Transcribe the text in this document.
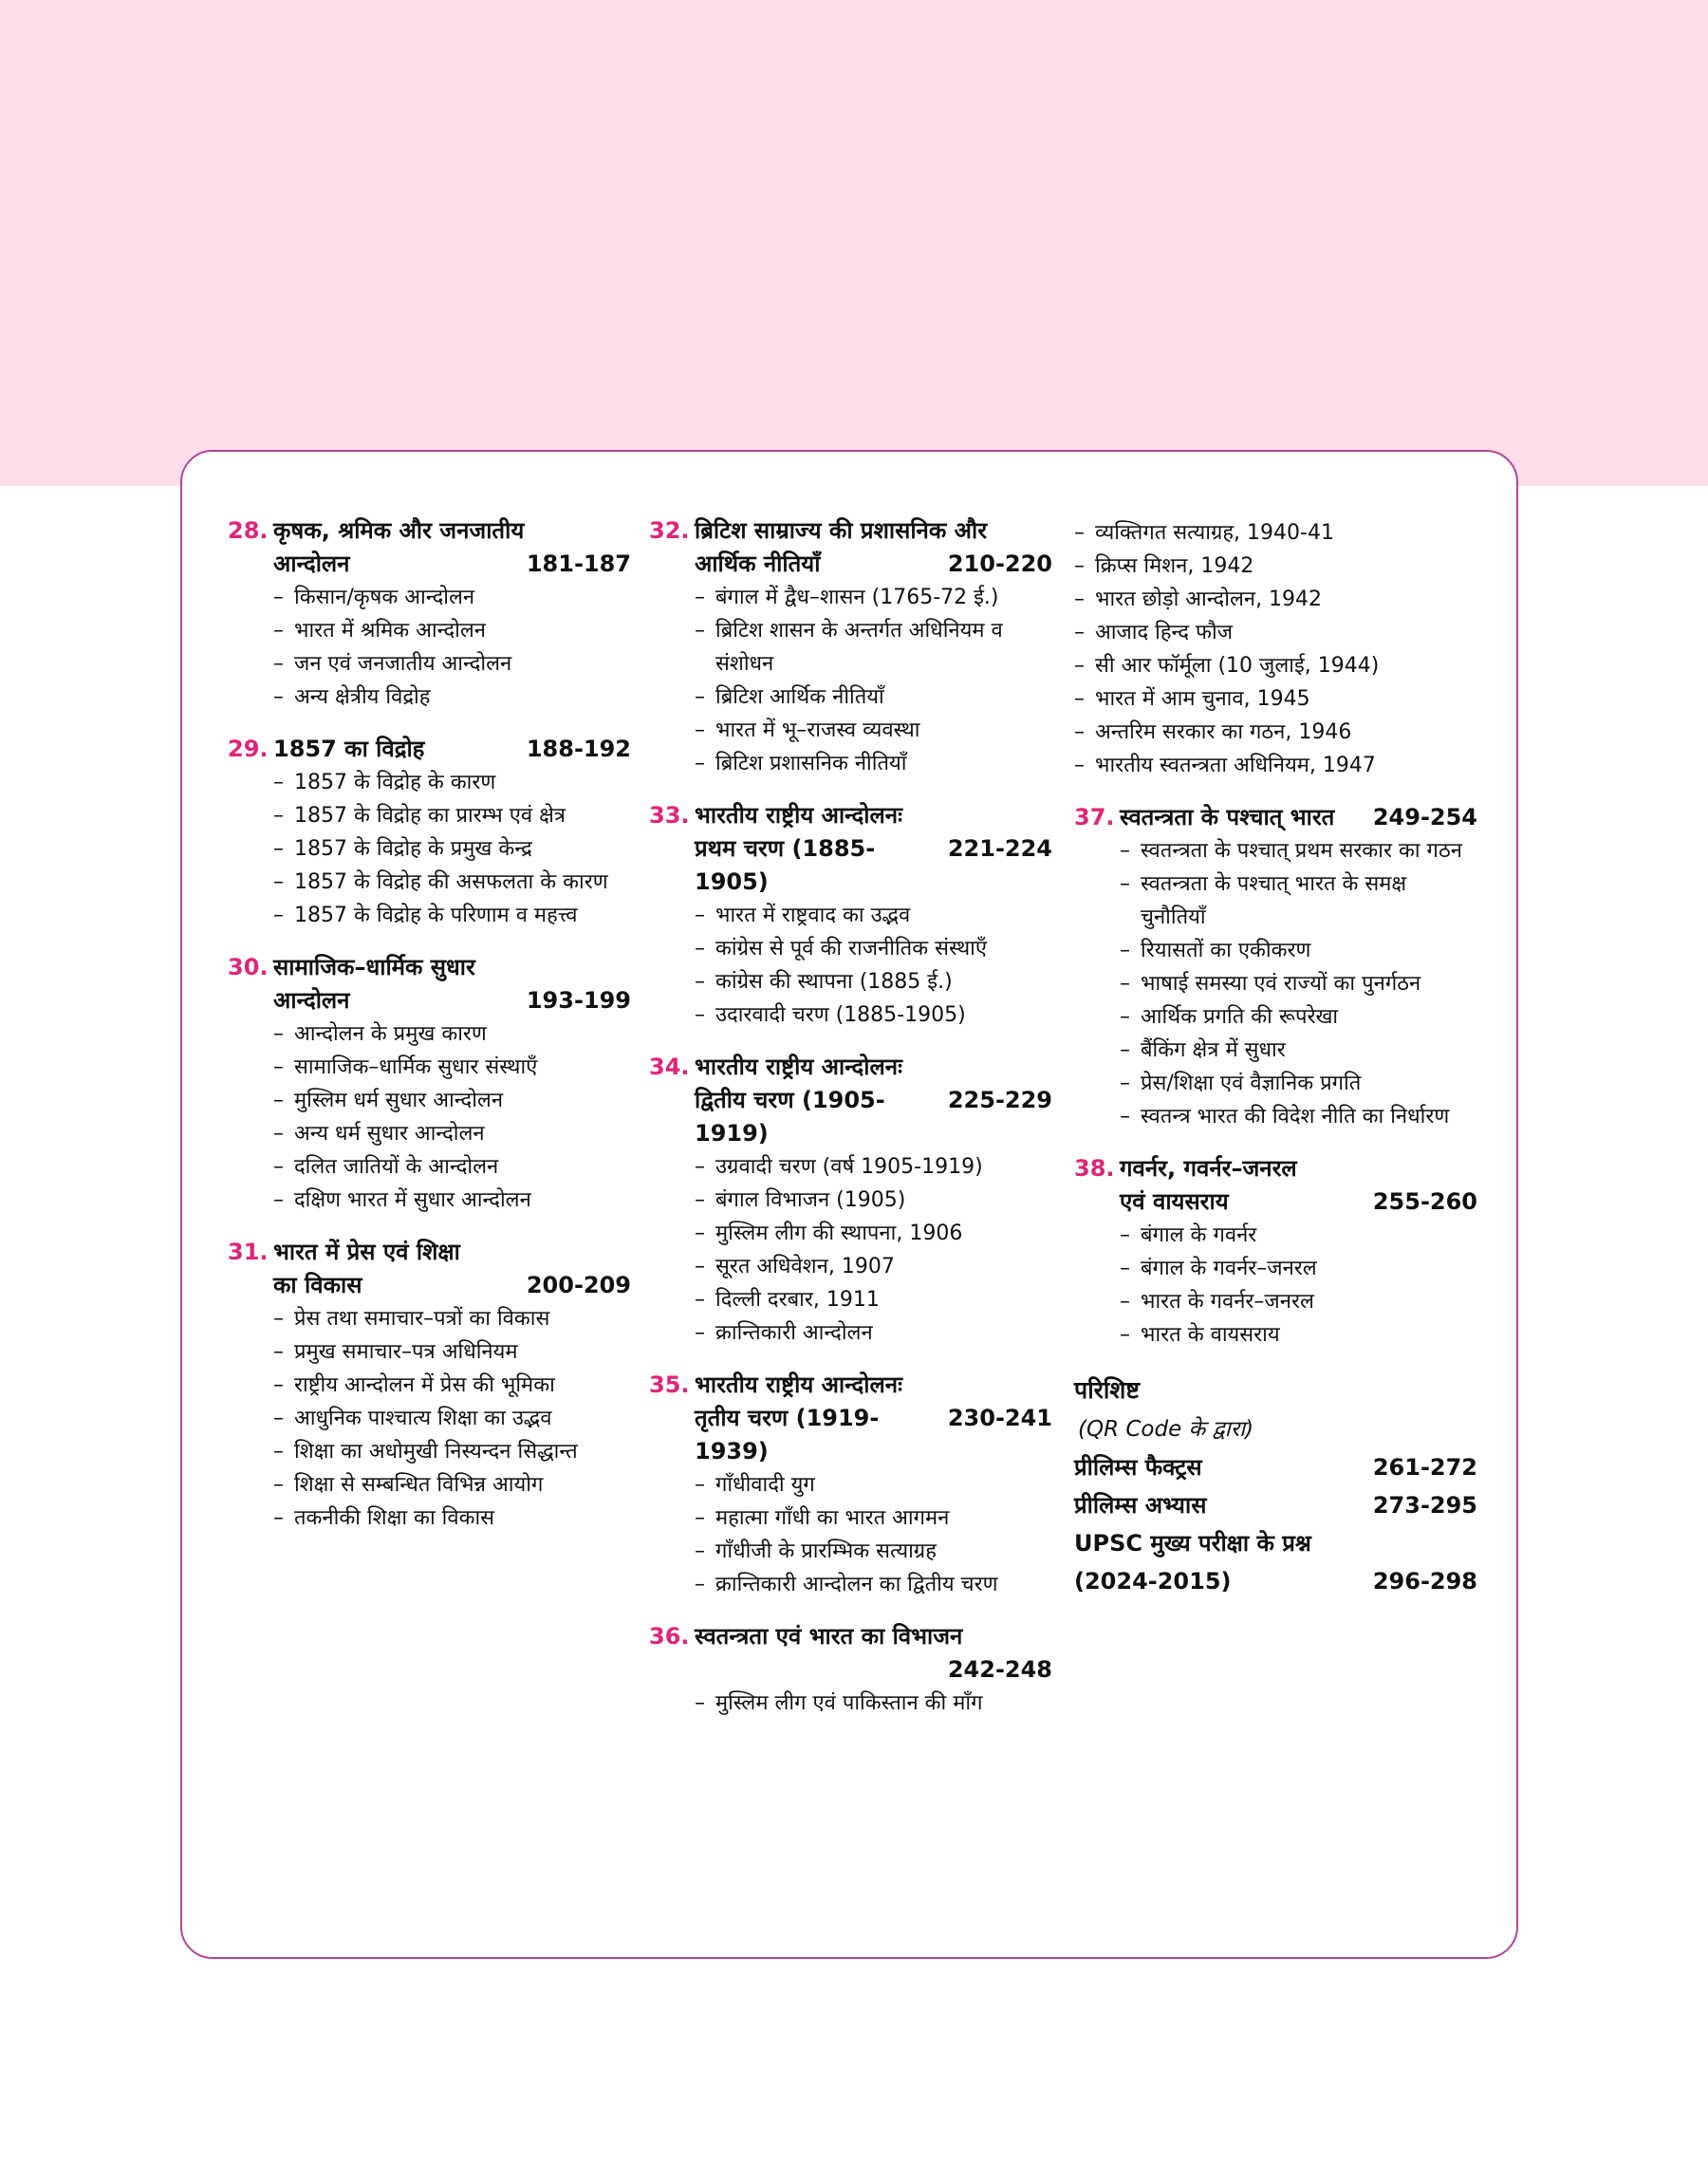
28. कृषक, श्रमिक और जनजातीय
आन्दोलन	181-187
– किसान/कृषक आन्दोलन
– भारत में श्रमिक आन्दोलन
– जन एवं जनजातीय आन्दोलन
– अन्य क्षेत्रीय विद्रोह
29. 1857 का विद्रोह	188-192
– 1857 के विद्रोह के कारण
– 1857 के विद्रोह का प्रारम्भ एवं क्षेत्र
– 1857 के विद्रोह के प्रमुख केन्द्र
– 1857 के विद्रोह की असफलता के कारण
– 1857 के विद्रोह के परिणाम व महत्त्व
30. सामाजिक–धार्मिक सुधार
आन्दोलन	193-199
– आन्दोलन के प्रमुख कारण
– सामाजिक–धार्मिक सुधार संस्थाएँ
– मुस्लिम धर्म सुधार आन्दोलन
– अन्य धर्म सुधार आन्दोलन
– दलित जातियों के आन्दोलन
– दक्षिण भारत में सुधार आन्दोलन
31. भारत में प्रेस एवं शिक्षा
का विकास	200-209
– प्रेस तथा समाचार–पत्रों का विकास
– प्रमुख समाचार–पत्र अधिनियम
– राष्ट्रीय आन्दोलन में प्रेस की भूमिका
– आधुनिक पाश्चात्य शिक्षा का उद्भव
– शिक्षा का अधोमुखी निस्यन्दन सिद्धान्त
– शिक्षा से सम्बन्धित विभिन्न आयोग
– तकनीकी शिक्षा का विकास
32. ब्रिटिश साम्राज्य की प्रशासनिक और
आर्थिक नीतियाँ	210-220
– बंगाल में द्वैध–शासन (1765-72 ई.)
– ब्रिटिश शासन के अन्तर्गत अधिनियम व संशोधन
– ब्रिटिश आर्थिक नीतियाँ
– भारत में भू–राजस्व व्यवस्था
– ब्रिटिश प्रशासनिक नीतियाँ
33. भारतीय राष्ट्रीय आन्दोलनः
प्रथम चरण (1885-1905)
221-224
– भारत में राष्ट्रवाद का उद्भव
– कांग्रेस से पूर्व की राजनीतिक संस्थाएँ
– कांग्रेस की स्थापना (1885 ई.)
– उदारवादी चरण (1885-1905)
34. भारतीय राष्ट्रीय आन्दोलनः
द्वितीय चरण (1905-1919)
225-229
– उग्रवादी चरण (वर्ष 1905-1919)
– बंगाल विभाजन (1905)
– मुस्लिम लीग की स्थापना, 1906
– सूरत अधिवेशन, 1907
– दिल्ली दरबार, 1911
– क्रान्तिकारी आन्दोलन
35. भारतीय राष्ट्रीय आन्दोलनः
तृतीय चरण (1919-1939)
230-241
– गाँधीवादी युग
– महात्मा गाँधी का भारत आगमन
– गाँधीजी के प्रारम्भिक सत्याग्रह
– क्रान्तिकारी आन्दोलन का द्वितीय चरण
36. स्वतन्त्रता एवं भारत का विभाजन
242-248
– मुस्लिम लीग एवं पाकिस्तान की माँग
– व्यक्तिगत सत्याग्रह, 1940-41
– क्रिप्स मिशन, 1942
– भारत छोड़ो आन्दोलन, 1942
– आजाद हिन्द फौज
– सी आर फॉर्मूला (10 जुलाई, 1944)
– भारत में आम चुनाव, 1945
– अन्तरिम सरकार का गठन, 1946
– भारतीय स्वतन्त्रता अधिनियम, 1947
37. स्वतन्त्रता के पश्चात् भारत 249-254
– स्वतन्त्रता के पश्चात् प्रथम सरकार का गठन
– स्वतन्त्रता के पश्चात् भारत के समक्ष चुनौतियाँ
– रियासतों का एकीकरण
– भाषाई समस्या एवं राज्यों का पुनर्गठन
– आर्थिक प्रगति की रूपरेखा
– बैंकिंग क्षेत्र में सुधार
– प्रेस/शिक्षा एवं वैज्ञानिक प्रगति
– स्वतन्त्र भारत की विदेश नीति का निर्धारण
38. गवर्नर, गवर्नर–जनरल
एवं वायसराय	255-260
– बंगाल के गवर्नर
– बंगाल के गवर्नर–जनरल
– भारत के गवर्नर–जनरल
– भारत के वायसराय
परिशिष्ट
(QR Code के द्वारा)
प्रीलिम्स फैक्ट्रस	261-272
प्रीलिम्स अभ्यास	273-295
UPSC मुख्य परीक्षा के प्रश्न
(2024-2015)	296-298
